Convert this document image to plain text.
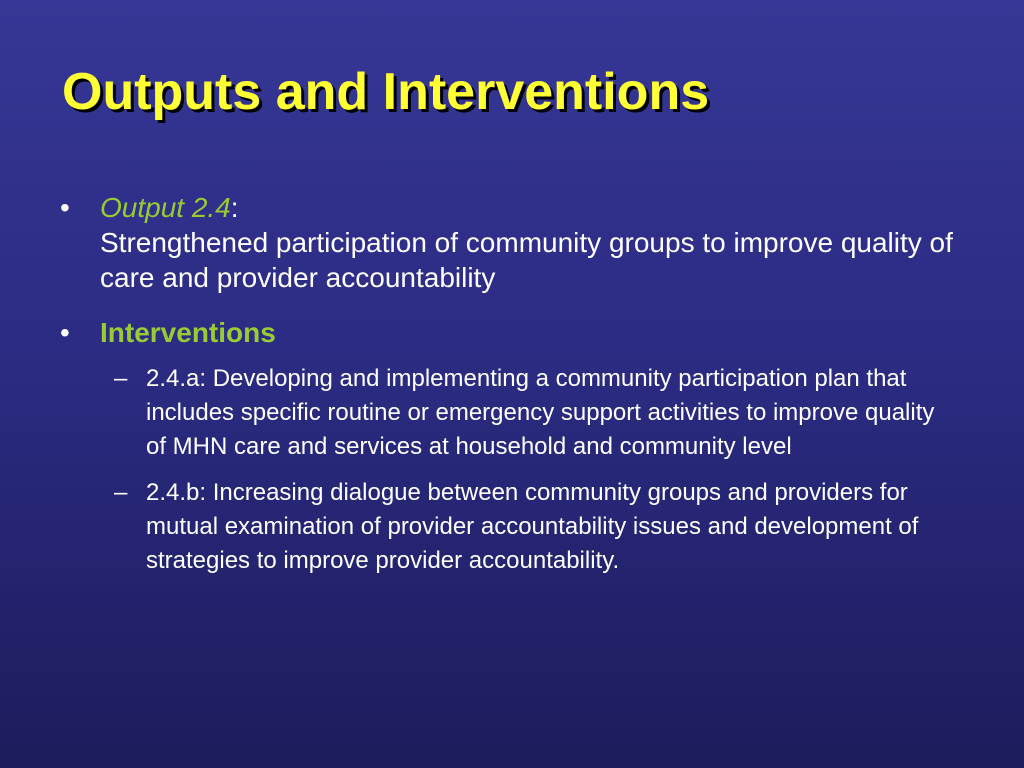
Outputs and Interventions
•	Output 2.4:
Strengthened participation of community groups to improve quality of care and provider accountability
•	Interventions
– 2.4.a: Developing and implementing a community participation plan that includes specific routine or emergency support activities to improve quality of MHN care and services at household and community level
– 2.4.b: Increasing dialogue between community groups and providers for mutual examination of provider accountability issues and development of strategies to improve provider accountability.
